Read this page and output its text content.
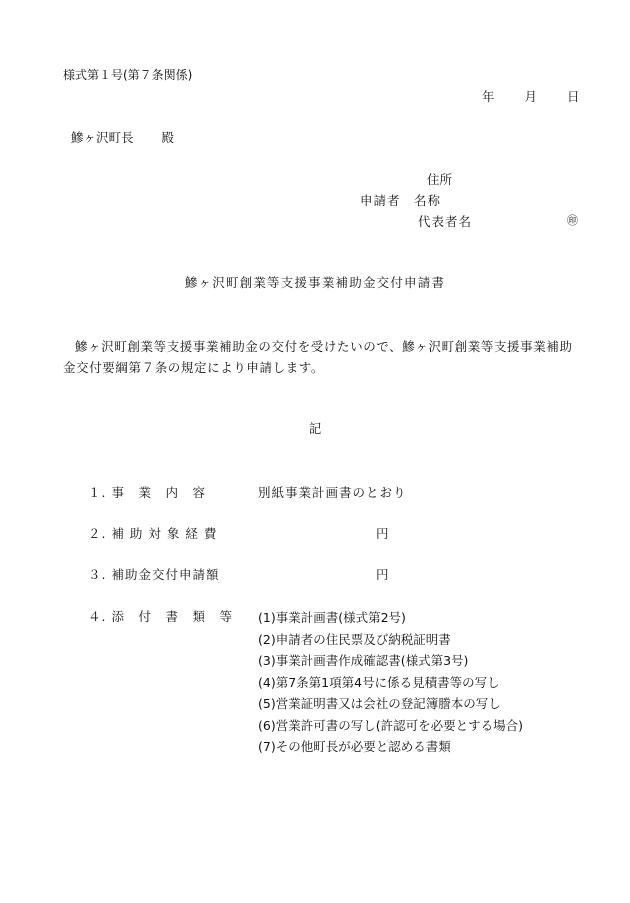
様式第１号(第７条関係)
年 月 日
鰺ヶ沢町長 殿
住所
申請者 名称
代表者名	㊞
鰺ヶ沢町創業等支援事業補助金交付申請書
鰺ヶ沢町創業等支援事業補助金の交付を受けたいので、鰺ヶ沢町創業等支援事業補助金交付要綱第７条の規定により申請します。
記
１. 事　業　内　容	別紙事業計画書のとおり
２. 補 助 対 象 経 費	円
３. 補助金交付申請額	円
４. 添　付　書　類　等 (1)事業計画書(様式第2号)
(2)申請者の住民票及び納税証明書
(3)事業計画書作成確認書(様式第3号)
(4)第7条第1項第4号に係る見積書等の写し
(5)営業証明書又は会社の登記簿謄本の写し
(6)営業許可書の写し(許認可を必要とする場合)
(7)その他町長が必要と認める書類
